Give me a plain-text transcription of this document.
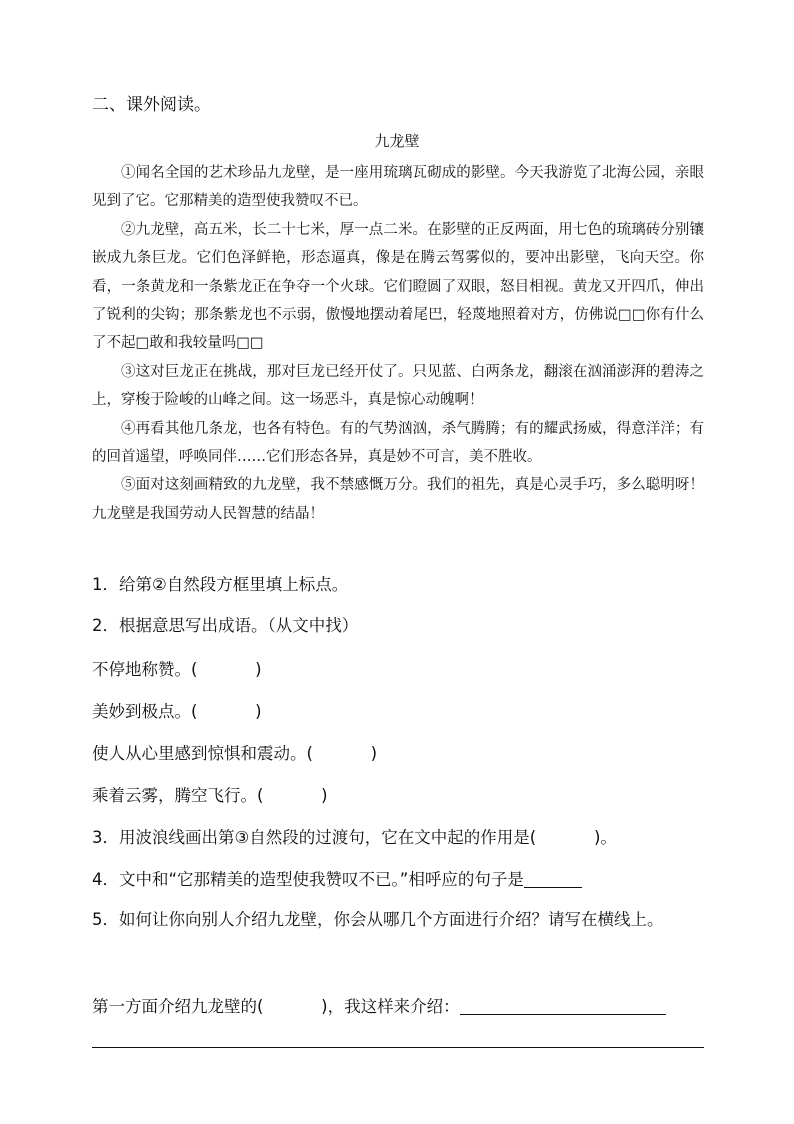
二、课外阅读。
九龙壁

①闻名全国的艺术珍品九龙壁，是一座用琉璃瓦砌成的影壁。今天我游览了北海公园，亲眼见到了它。它那精美的造型使我赞叹不已。

②九龙壁，高五米，长二十七米，厚一点二米。在影壁的正反两面，用七色的琉璃砖分别镶嵌成九条巨龙。它们色泽鲜艳，形态逼真，像是在腾云驾雾似的，要冲出影壁，飞向天空。你看，一条黄龙和一条紫龙正在争夺一个火球。它们瞪圆了双眼，怒目相视。黄龙又开四爪，伸出了锐利的尖钩；那条紫龙也不示弱，傲慢地摆动着尾巴，轻蔑地照着对方，仿佛说□□你有什么了不起□敢和我较量吗□□

③这对巨龙正在挑战，那对巨龙已经开仗了。只见蓝、白两条龙，翻滚在汹涌澎湃的碧涛之上，穿梭于险峻的山峰之间。这一场恶斗，真是惊心动魄啊！

④再看其他几条龙，也各有特色。有的气势汹汹，杀气腾腾；有的耀武扬威，得意洋洋；有的回首遥望，呼唤同伴……它们形态各异，真是妙不可言，美不胜收。

⑤面对这刻画精致的九龙壁，我不禁感慨万分。我们的祖先，真是心灵手巧，多么聪明呀！九龙壁是我国劳动人民智慧的结晶！

1．给第②自然段方框里填上标点。
2．根据意思写出成语。（从文中找）
不停地称赞。(	)
美妙到极点。(	)
使人从心里感到惊惧和震动。(	)
乘着云雾，腾空飞行。(	)
3．用波浪线画出第③自然段的过渡句，它在文中起的作用是(	)。
4．文中和“它那精美的造型使我赞叹不已。”相呼应的句子是
5．如何让你向别人介绍九龙壁，你会从哪几个方面进行介绍？请写在横线上。
第一方面介绍九龙壁的(	)，我这样来介绍：
